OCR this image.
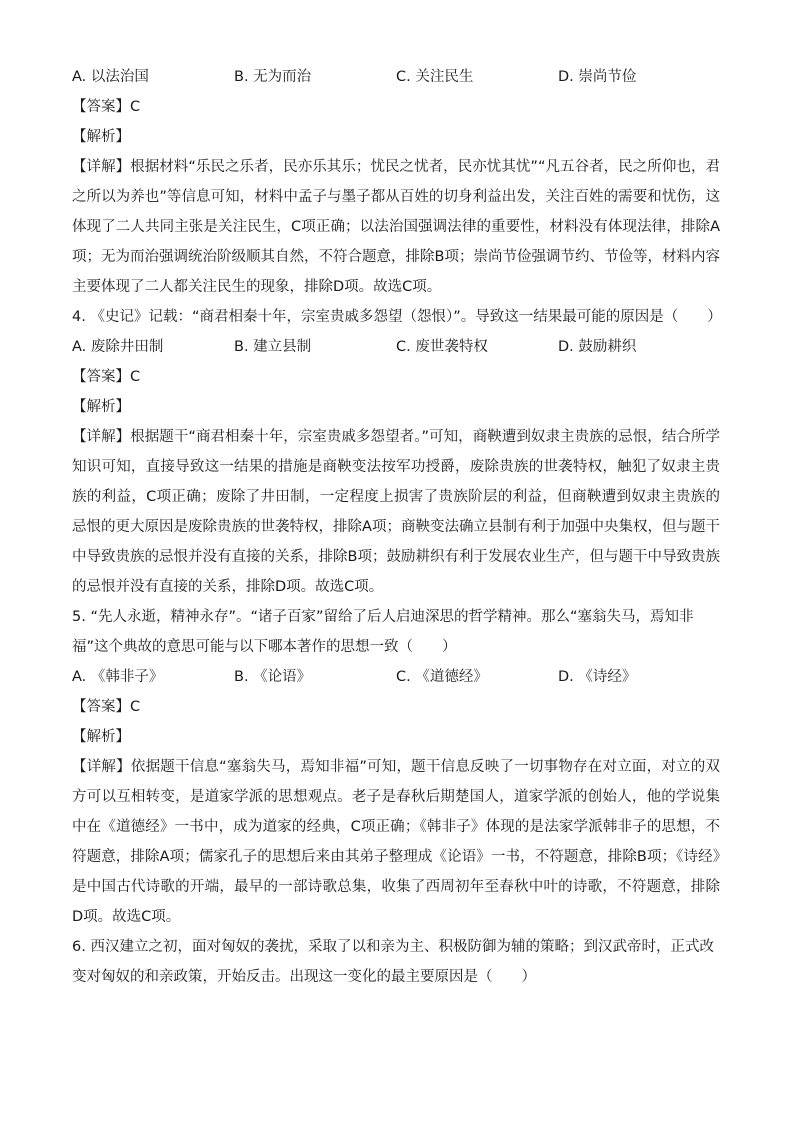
A. 以法治国	B. 无为而治	C. 关注民生	D. 崇尚节俭
【答案】C
【解析】
【详解】根据材料“乐民之乐者，民亦乐其乐；忧民之忧者，民亦忧其忧”“凡五谷者，民之所仰也，君之所以为养也”等信息可知，材料中孟子与墨子都从百姓的切身利益出发，关注百姓的需要和忧伤，这体现了二人共同主张是关注民生，C项正确；以法治国强调法律的重要性，材料没有体现法律，排除A项；无为而治强调统治阶级顺其自然，不符合题意，排除B项；崇尚节俭强调节约、节俭等，材料内容主要体现了二人都关注民生的现象，排除D项。故选C项。
4. 《史记》记载：“商君相秦十年，宗室贵戚多怨望（怨恨）”。导致这一结果最可能的原因是（　　）
A. 废除井田制	B. 建立县制	C. 废世袭特权	D. 鼓励耕织
【答案】C
【解析】
【详解】根据题干“商君相秦十年，宗室贵戚多怨望者。”可知，商鞅遭到奴隶主贵族的忌恨，结合所学知识可知，直接导致这一结果的措施是商鞅变法按军功授爵，废除贵族的世袭特权，触犯了奴隶主贵族的利益，C项正确；废除了井田制，一定程度上损害了贵族阶层的利益，但商鞅遭到奴隶主贵族的忌恨的更大原因是废除贵族的世袭特权，排除A项；商鞅变法确立县制有利于加强中央集权，但与题干中导致贵族的忌恨并没有直接的关系，排除B项；鼓励耕织有利于发展农业生产，但与题干中导致贵族的忌恨并没有直接的关系，排除D项。故选C项。
5. “先人永逝，精神永存”。“诸子百家”留给了后人启迪深思的哲学精神。那么“塞翁失马，焉知非福”这个典故的意思可能与以下哪本著作的思想一致（　　）
A. 《韩非子》	B. 《论语》	C. 《道德经》	D. 《诗经》
【答案】C
【解析】
【详解】依据题干信息“塞翁失马，焉知非福”可知，题干信息反映了一切事物存在对立面，对立的双方可以互相转变，是道家学派的思想观点。老子是春秋后期楚国人，道家学派的创始人，他的学说集中在《道德经》一书中，成为道家的经典，C项正确；《韩非子》体现的是法家学派韩非子的思想，不符题意，排除A项；儒家孔子的思想后来由其弟子整理成《论语》一书，不符题意，排除B项；《诗经》是中国古代诗歌的开端，最早的一部诗歌总集，收集了西周初年至春秋中叶的诗歌，不符题意，排除D项。故选C项。
6. 西汉建立之初，面对匈奴的袭扰，采取了以和亲为主、积极防御为辅的策略；到汉武帝时，正式改变对匈奴的和亲政策，开始反击。出现这一变化的最主要原因是（　　）
